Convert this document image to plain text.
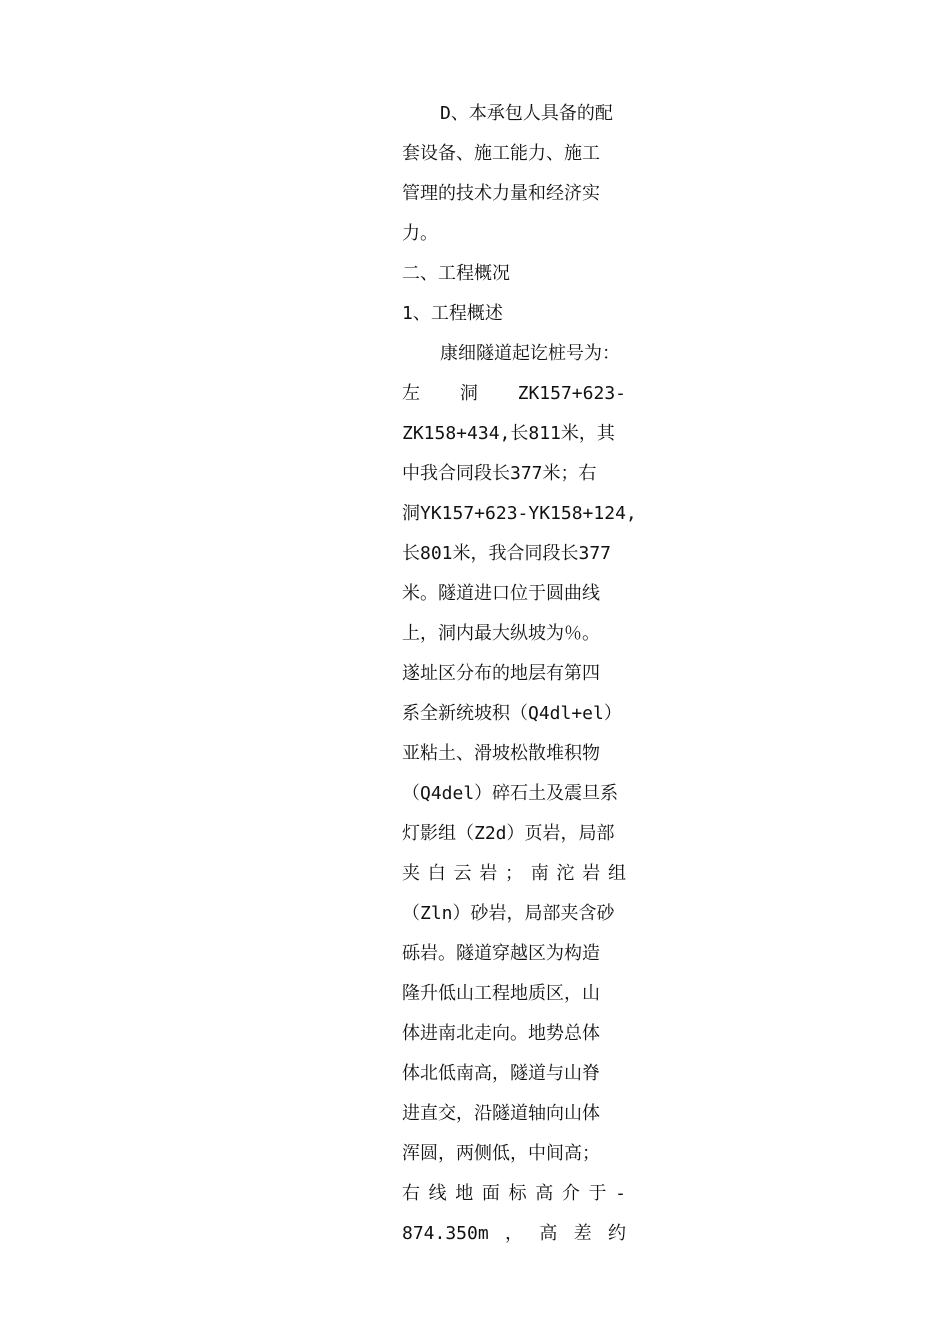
D、本承包人具备的配
套设备、施工能力、施工
管理的技术力量和经济实
力。
二、工程概况
1、工程概述
康细隧道起讫桩号为：
左 洞 ZK157+623-
ZK158+434,长811米，其
中我合同段长377米；右
洞YK157+623-YK158+124,
长801米，我合同段长377
米。隧道进口位于圆曲线
上，洞内最大纵坡为％。
遂址区分布的地层有第四
系全新统坡积（Q4dl+el）
亚粘土、滑坡松散堆积物
（Q4del）碎石土及震旦系
灯影组（Z2d）页岩，局部
夹 白 云 岩 ； 南 沱 岩 组
（Zln）砂岩，局部夹含砂
砾岩。隧道穿越区为构造
隆升低山工程地质区，山
体进南北走向。地势总体
体北低南高，隧道与山脊
进直交，沿隧道轴向山体
浑圆，两侧低，中间高；
右 线 地 面 标 高 介 于 -
874.350m ， 高 差 约
